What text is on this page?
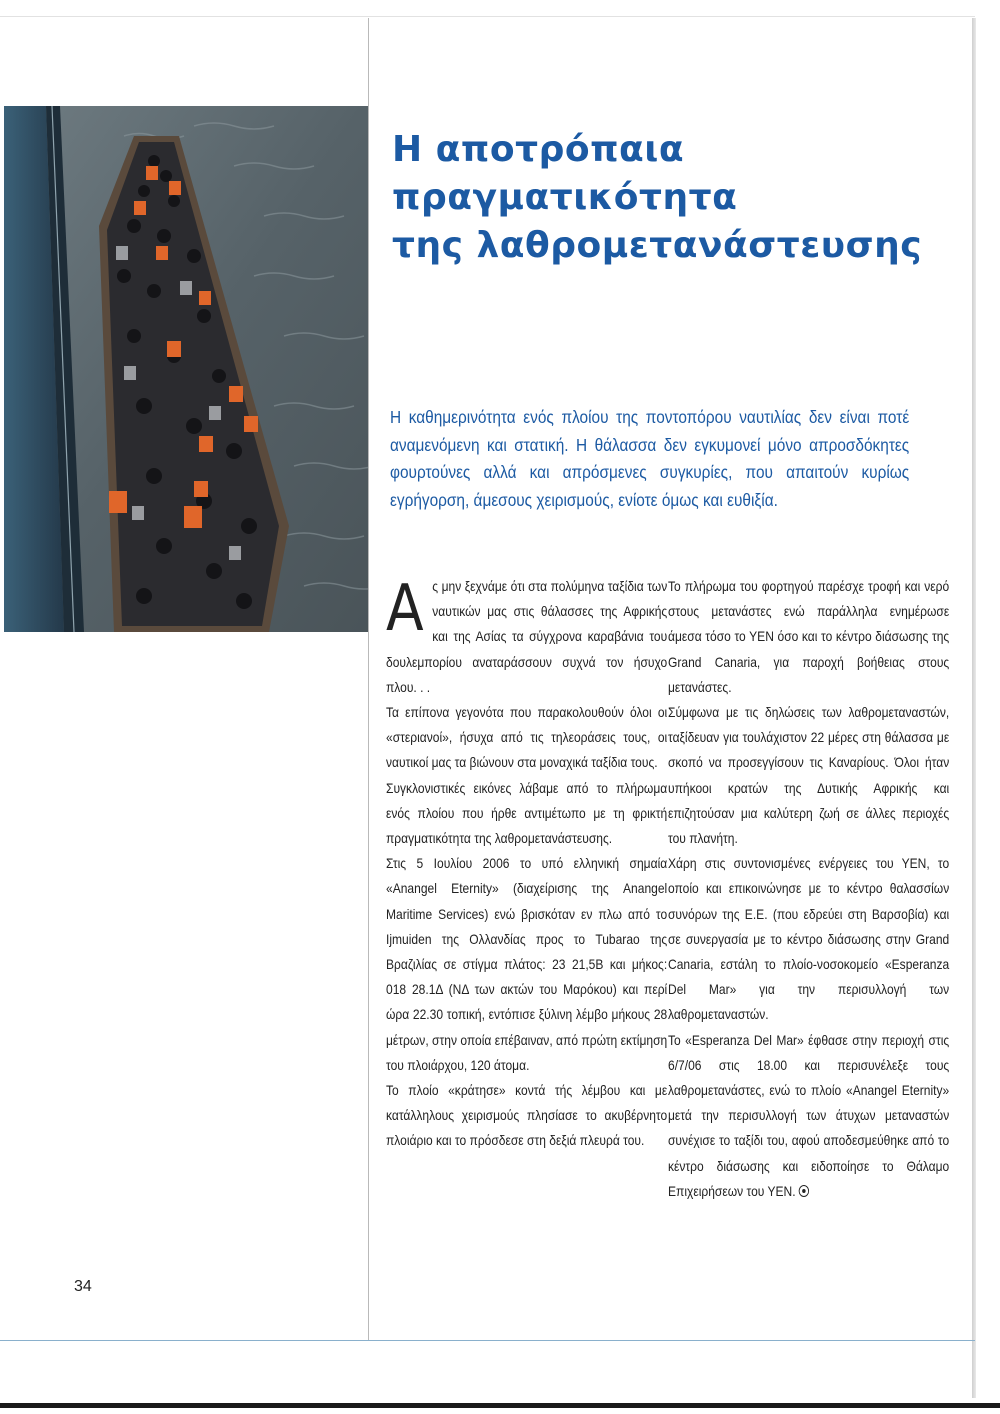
Η αποτρόπαια πραγματικότητα
της λαθρομετανάστευσης
Η καθημερινότητα ενός πλοίου της ποντοπόρου ναυτιλίας δεν είναι ποτέ αναμενόμενη και στατική. Η θάλασσα δεν εγκυμονεί μόνο απροσδόκητες φουρτούνες αλλά και απρόσμενες συγκυρίες, που απαιτούν κυρίως εγρήγορση, άμεσους χειρισμούς, ενίοτε όμως και ευθιξία.

Ας μην ξεχνάμε ότι στα πολύμηνα ταξίδια των ναυτικών μας στις θάλασσες της Αφρικής και της Ασίας τα σύγχρονα καραβάνια του δουλεμπορίου αναταράσσουν συχνά τον ήσυχο πλου. . .

Τα επίπονα γεγονότα που παρακολουθούν όλοι οι «στεριανοί», ήσυχα από τις τηλεοράσεις τους, οι ναυτικοί μας τα βιώνουν στα μοναχικά ταξίδια τους.

Συγκλονιστικές εικόνες λάβαμε από το πλήρωμα ενός πλοίου που ήρθε αντιμέτωπο με τη φρικτή πραγματικότητα της λαθρομετανάστευσης.

Στις 5 Ιουλίου 2006 το υπό ελληνική σημαία «Anangel Eternity» (διαχείρισης της Anangel Maritime Services) ενώ βρισκόταν εν πλω από το Ijmuiden της Ολλανδίας προς το Tubarao της Βραζιλίας σε στίγμα πλάτος: 23 21,5Β και μήκος: 018 28.1Δ (ΝΔ των ακτών του Μαρόκου) και περί ώρα 22.30 τοπική, εντόπισε ξύλινη λέμβο μήκους 28 μέτρων, στην οποία επέβαιναν, από πρώτη εκτίμηση του πλοιάρχου, 120 άτομα.

Το πλοίο «κράτησε» κοντά τής λέμβου και με κατάλληλους χειρισμούς πλησίασε το ακυβέρνητο πλοιάριο και το πρόσδεσε στη δεξιά πλευρά του.

Το πλήρωμα του φορτηγού παρέσχε τροφή και νερό στους μετανάστες ενώ παράλληλα ενημέρωσε άμεσα τόσο το ΥΕΝ όσο και το κέντρο διάσωσης της Grand Canaria, για παροχή βοήθειας στους μετανάστες.

Σύμφωνα με τις δηλώσεις των λαθρομεταναστών, ταξίδευαν για τουλάχιστον 22 μέρες στη θάλασσα με σκοπό να προσεγγίσουν τις Καναρίους. Όλοι ήταν υπήκοοι κρατών της Δυτικής Αφρικής και επιζητούσαν μια καλύτερη ζωή σε άλλες περιοχές του πλανήτη.

Χάρη στις συντονισμένες ενέργειες του ΥΕΝ, το οποίο και επικοινώνησε με το κέντρο θαλασσίων συνόρων της Ε.Ε. (που εδρεύει στη Βαρσοβία) και σε συνεργασία με το κέντρο διάσωσης στην Grand Canaria, εστάλη το πλοίο-νοσοκομείο «Esperanza Del Mar» για την περισυλλογή των λαθρομεταναστών.

Το «Esperanza Del Mar» έφθασε στην περιοχή στις 6/7/06 στις 18.00 και περισυνέλεξε τους λαθρομετανάστες, ενώ το πλοίο «Anangel Eternity» μετά την περισυλλογή των άτυχων μεταναστών συνέχισε το ταξίδι του, αφού αποδεσμεύθηκε από το κέντρο διάσωσης και ειδοποίησε το Θάλαμο Επιχειρήσεων του ΥΕΝ.

34
